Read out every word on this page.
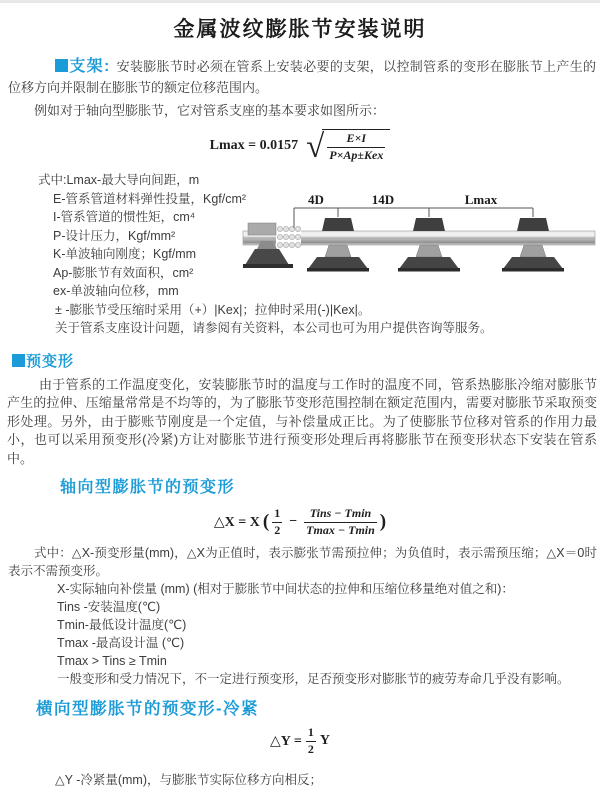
金属波纹膨胀节安装说明

支架: 安装膨胀节时必须在管系上安装必要的支架，以控制管系的变形在膨胀节上产生的位移方向并限制在膨胀节的额定位移范围内。

例如对于轴向型膨胀节，它对管系支座的基本要求如图所示：

Lmax = 0.0157 √ $\frac{E\times I}{\text{P×Ap±Kex}}$
式中:Lmax-最大导向间距，m
E-管系管道材料弹性投量，Kgf/cm²
I-管系管道的惯性矩，cm⁴
P-设计压力，Kgf/mm²
K-单波轴向刚度；Kgf/mm
Ap-膨胀节有效面积，cm²
ex-单波轴向位移，mm
± -膨胀节受压缩时采用（+）|Kex|；拉伸时采用(-)|Kex|。
关于管系支座设计问题，请参阅有关资料，本公司也可为用户提供咨询等服务。
4D	14D	Lmax
预变形

由于管系的工作温度变化，安装膨胀节时的温度与工作时的温度不同，管系热膨胀冷缩对膨胀节产生的拉伸、压缩量常常是不均等的，为了膨胀节变形范围控制在额定范围内，需要对膨胀节采取预变形处理。另外，由于膨账节刚度是一个定值，与补偿量成正比。为了使膨胀节位移对管系的作用力最小，也可以采用预变形(冷紧)方让对膨胀节进行预变形处理后再将膨胀节在预变形状态下安装在管系中。

轴向型膨胀节的预变形
△X = X ( $\frac{1}{2} - \frac{\text{Tins − Tmin}}{Tmax - Tmin}$ )
式中：△X-预变形量(mm)，△X为正值时，表示膨张节需预拉伸；为负值时，表示需预压缩；△X＝0时表示不需预变形。
X-实际轴向补偿量 (mm) (相对于膨胀节中间状态的拉伸和压缩位移量绝对值之和)：
Tins -安装温度(℃)
Tmin-最低设计温度(℃)
Tmax -最高设计温 (℃)
Tmax > Tins ≥ Tmin
一般变形和受力情况下，不一定进行预变形，足否预变形对膨胀节的疲劳寿命几乎没有影响。
横向型膨胀节的预变形-冷紧
△Y = $\frac{1}{2}$ Y
△Y -冷紧量(mm)，与膨胀节实际位移方向相反；
